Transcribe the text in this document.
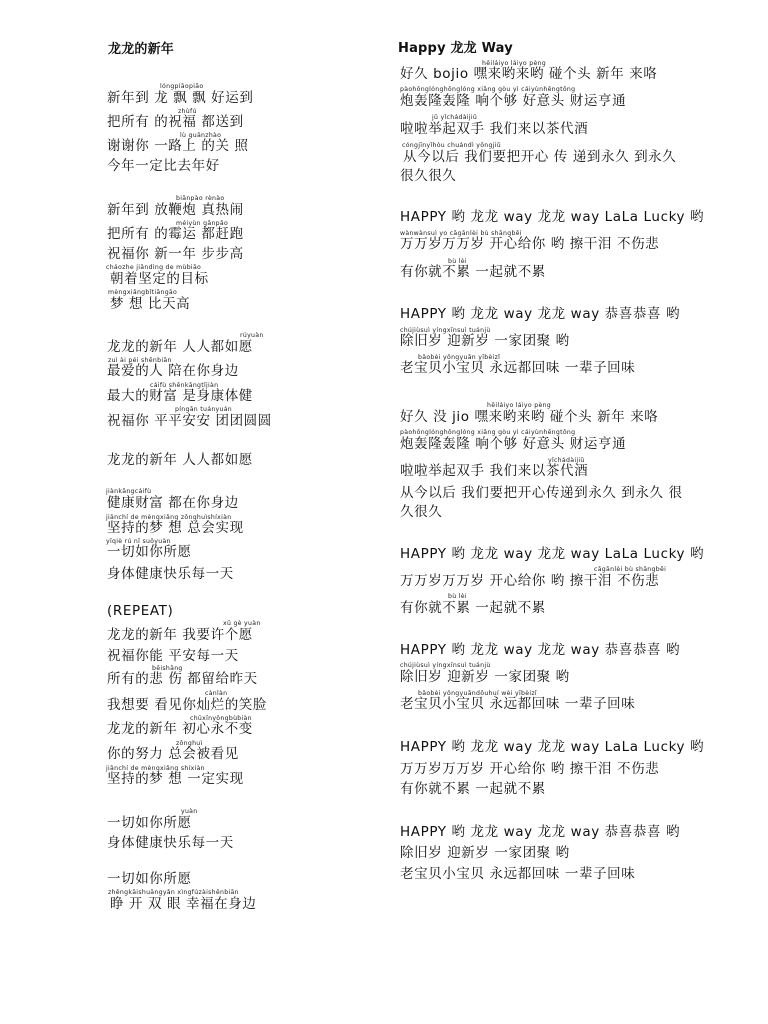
龙龙的新年
lóngpiāopiāo
新年到 龙 飘 飘 好运到
zhùfú
把所有 的祝福 都送到
lù guānzhào
谢谢你 一路上 的关 照
今年一定比去年好
biānpào rènào
新年到 放鞭炮 真热闹
méiyùn gǎnpǎo
把所有 的霉运 都赶跑
祝福你 新一年 步步高
cháozhe jiāndìng de mùbiāo
朝着坚定的目标
mèngxiǎngbǐtiāngāo
梦 想 比天高
rúyuàn
龙龙的新年 人人都如愿
zuì ài péi shēnbiān
最爱的人 陪在你身边
cáifù shēnkāngtǐjiàn
最大的财富 是身康体健
píngān tuányuán
祝福你 平平安安 团团圆圆
龙龙的新年 人人都如愿
jiànkāngcáifù
健康财富 都在你身边
jiānchí de mèngxiǎng zǒnghuìshíxiàn
坚持的梦 想 总会实现
yīqiè rú nǐ suǒyuàn
一切如你所愿
身体健康快乐每一天
(REPEAT)
xǔ gè yuàn
龙龙的新年 我要许个愿
祝福你能 平安每一天
bēishāng
所有的悲 伤 都留给昨天
cànlàn
我想要 看见你灿烂的笑脸
chūxīnyǒngbùbiàn
龙龙的新年 初心永不变
zǒnghuì
你的努力 总会被看见
jiānchí de mèngxiǎng shíxiàn
坚持的梦 想 一定实现
yuàn
一切如你所愿
身体健康快乐每一天
一切如你所愿
zhēngkāishuāngyǎn xìngfúzàishēnbiān
睁 开 双 眼 幸福在身边
Happy 龙龙 Way
hēiláiyo láiyo pèng
好久 bojio 嘿来哟来哟 碰个头 新年 来咯
pàohōnglónghōnglóng xiǎng gòu yì cáiyùnhēngtōng
炮轰隆轰隆 响个够 好意头 财运亨通
jǔ yǐchádàijiǔ
啦啦举起双手 我们来以茶代酒
cóngjīnyǐhòu chuándì yǒngjiǔ
从今以后 我们要把开心 传 递到永久 到永久
很久很久
HAPPY 哟 龙龙 way 龙龙 way LaLa Lucky 哟
wànwànsuì yo cāgānlèi bù shāngbēi
万万岁万万岁 开心给你 哟 擦干泪 不伤悲
bù lèi
有你就不累 一起就不累
HAPPY 哟 龙龙 way 龙龙 way 恭喜恭喜 哟
chújiùsuì yíngxīnsuì tuánjù
除旧岁 迎新岁 一家团聚 哟
bǎobèi yǒngyuǎn yībèizǐ
老宝贝小宝贝 永远都回味 一辈子回味
hēiláiyo láiyo pèng
好久 没 jio 嘿来哟来哟 碰个头 新年 来咯
pàohōnglónghōnglóng xiǎng gòu yì cáiyùnhēngtōng
炮轰隆轰隆 响个够 好意头 财运亨通
yǐchádàijiǔ
啦啦举起双手 我们来以茶代酒
从今以后 我们要把开心传递到永久 到永久 很
久很久
HAPPY 哟 龙龙 way 龙龙 way LaLa Lucky 哟
cāgānlèi bù shāngbēi
万万岁万万岁 开心给你 哟 擦干泪 不伤悲
bù lèi
有你就不累 一起就不累
HAPPY 哟 龙龙 way 龙龙 way 恭喜恭喜 哟
chújiùsuì yíngxīnsuì tuánjù
除旧岁 迎新岁 一家团聚 哟
bǎobèi yǒngyuǎndōuhuí wèi yībèizǐ
老宝贝小宝贝 永远都回味 一辈子回味
HAPPY 哟 龙龙 way 龙龙 way LaLa Lucky 哟
万万岁万万岁 开心给你 哟 擦干泪 不伤悲
有你就不累 一起就不累
HAPPY 哟 龙龙 way 龙龙 way 恭喜恭喜 哟
除旧岁 迎新岁 一家团聚 哟
老宝贝小宝贝 永远都回味 一辈子回味
